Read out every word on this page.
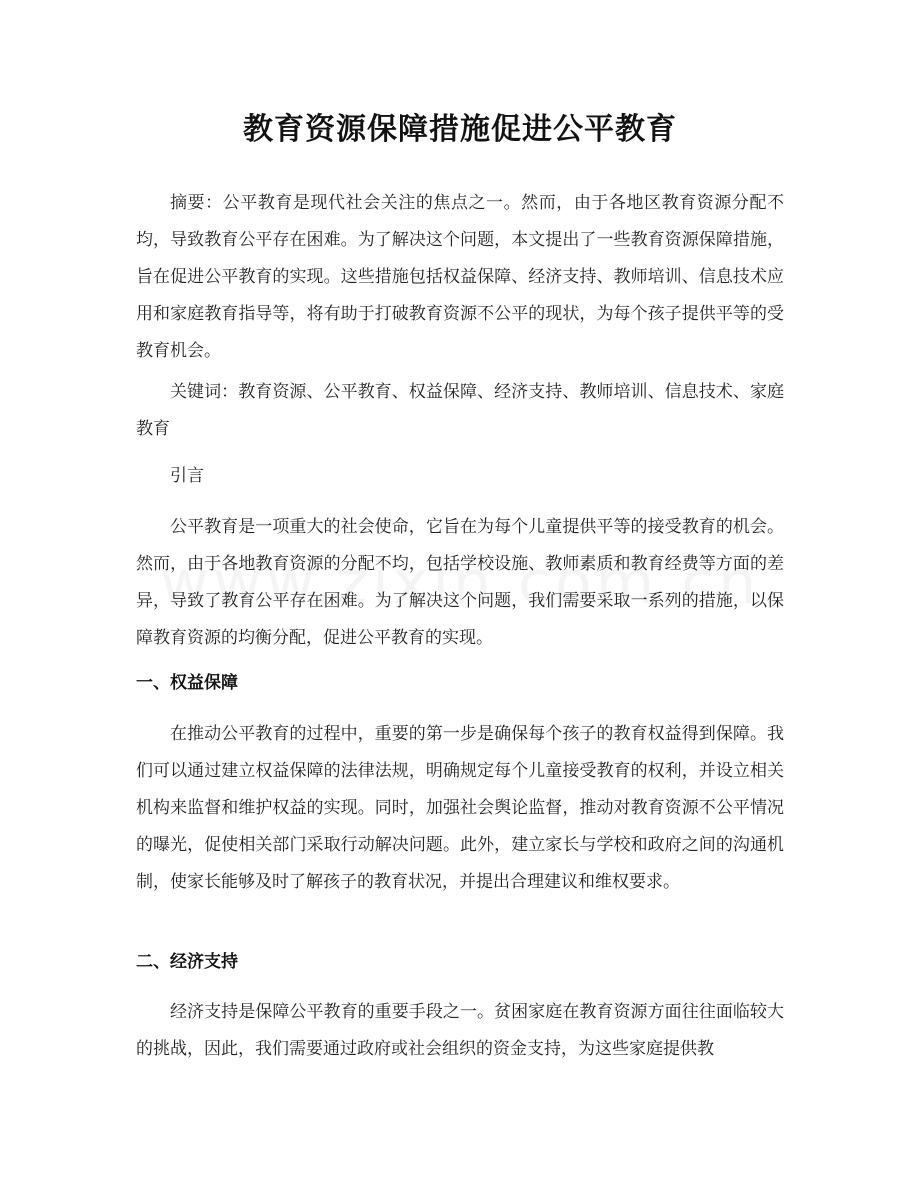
教育资源保障措施促进公平教育

摘要：公平教育是现代社会关注的焦点之一。然而，由于各地区教育资源分配不均，导致教育公平存在困难。为了解决这个问题，本文提出了一些教育资源保障措施，旨在促进公平教育的实现。这些措施包括权益保障、经济支持、教师培训、信息技术应用和家庭教育指导等，将有助于打破教育资源不公平的现状，为每个孩子提供平等的受教育机会。

关键词：教育资源、公平教育、权益保障、经济支持、教师培训、信息技术、家庭教育

引言

公平教育是一项重大的社会使命，它旨在为每个儿童提供平等的接受教育的机会。然而，由于各地教育资源的分配不均，包括学校设施、教师素质和教育经费等方面的差异，导致了教育公平存在困难。为了解决这个问题，我们需要采取一系列的措施，以保障教育资源的均衡分配，促进公平教育的实现。

一、权益保障

在推动公平教育的过程中，重要的第一步是确保每个孩子的教育权益得到保障。我们可以通过建立权益保障的法律法规，明确规定每个儿童接受教育的权利，并设立相关机构来监督和维护权益的实现。同时，加强社会舆论监督，推动对教育资源不公平情况的曝光，促使相关部门采取行动解决问题。此外，建立家长与学校和政府之间的沟通机制，使家长能够及时了解孩子的教育状况，并提出合理建议和维权要求。

二、经济支持

经济支持是保障公平教育的重要手段之一。贫困家庭在教育资源方面往往面临较大的挑战，因此，我们需要通过政府或社会组织的资金支持，为这些家庭提供教
